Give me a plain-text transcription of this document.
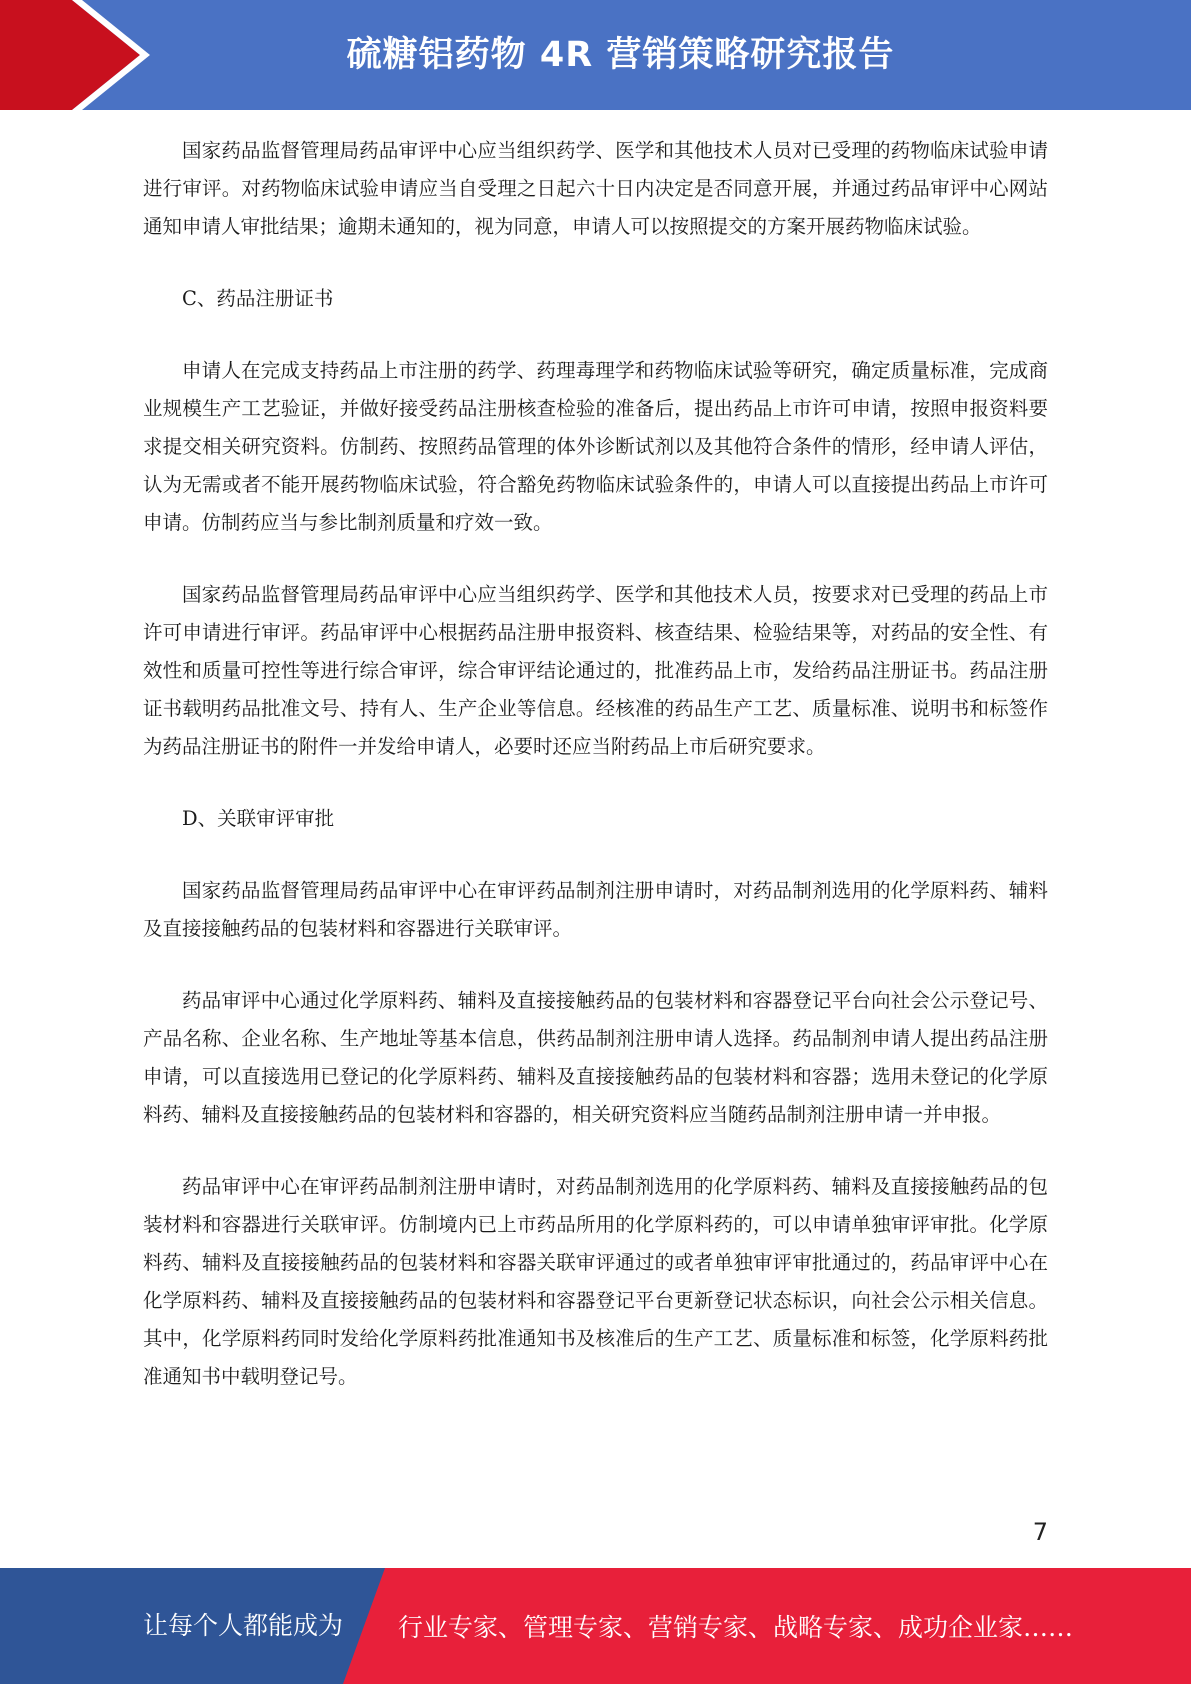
硫糖铝药物 4R 营销策略研究报告

国家药品监督管理局药品审评中心应当组织药学、医学和其他技术人员对已受理的药物临床试验申请进行审评。对药物临床试验申请应当自受理之日起六十日内决定是否同意开展，并通过药品审评中心网站通知申请人审批结果；逾期未通知的，视为同意，申请人可以按照提交的方案开展药物临床试验。

C、药品注册证书

申请人在完成支持药品上市注册的药学、药理毒理学和药物临床试验等研究，确定质量标准，完成商业规模生产工艺验证，并做好接受药品注册核查检验的准备后，提出药品上市许可申请，按照申报资料要求提交相关研究资料。仿制药、按照药品管理的体外诊断试剂以及其他符合条件的情形，经申请人评估，认为无需或者不能开展药物临床试验，符合豁免药物临床试验条件的，申请人可以直接提出药品上市许可申请。仿制药应当与参比制剂质量和疗效一致。

国家药品监督管理局药品审评中心应当组织药学、医学和其他技术人员，按要求对已受理的药品上市许可申请进行审评。药品审评中心根据药品注册申报资料、核查结果、检验结果等，对药品的安全性、有效性和质量可控性等进行综合审评，综合审评结论通过的，批准药品上市，发给药品注册证书。药品注册证书载明药品批准文号、持有人、生产企业等信息。经核准的药品生产工艺、质量标准、说明书和标签作为药品注册证书的附件一并发给申请人，必要时还应当附药品上市后研究要求。

D、关联审评审批

国家药品监督管理局药品审评中心在审评药品制剂注册申请时，对药品制剂选用的化学原料药、辅料及直接接触药品的包装材料和容器进行关联审评。

药品审评中心通过化学原料药、辅料及直接接触药品的包装材料和容器登记平台向社会公示登记号、产品名称、企业名称、生产地址等基本信息，供药品制剂注册申请人选择。药品制剂申请人提出药品注册申请，可以直接选用已登记的化学原料药、辅料及直接接触药品的包装材料和容器；选用未登记的化学原料药、辅料及直接接触药品的包装材料和容器的，相关研究资料应当随药品制剂注册申请一并申报。

药品审评中心在审评药品制剂注册申请时，对药品制剂选用的化学原料药、辅料及直接接触药品的包装材料和容器进行关联审评。仿制境内已上市药品所用的化学原料药的，可以申请单独审评审批。化学原料药、辅料及直接接触药品的包装材料和容器关联审评通过的或者单独审评审批通过的，药品审评中心在化学原料药、辅料及直接接触药品的包装材料和容器登记平台更新登记状态标识，向社会公示相关信息。其中，化学原料药同时发给化学原料药批准通知书及核准后的生产工艺、质量标准和标签，化学原料药批准通知书中载明登记号。

7
让每个人都能成为 行业专家、管理专家、营销专家、战略专家、成功企业家……
